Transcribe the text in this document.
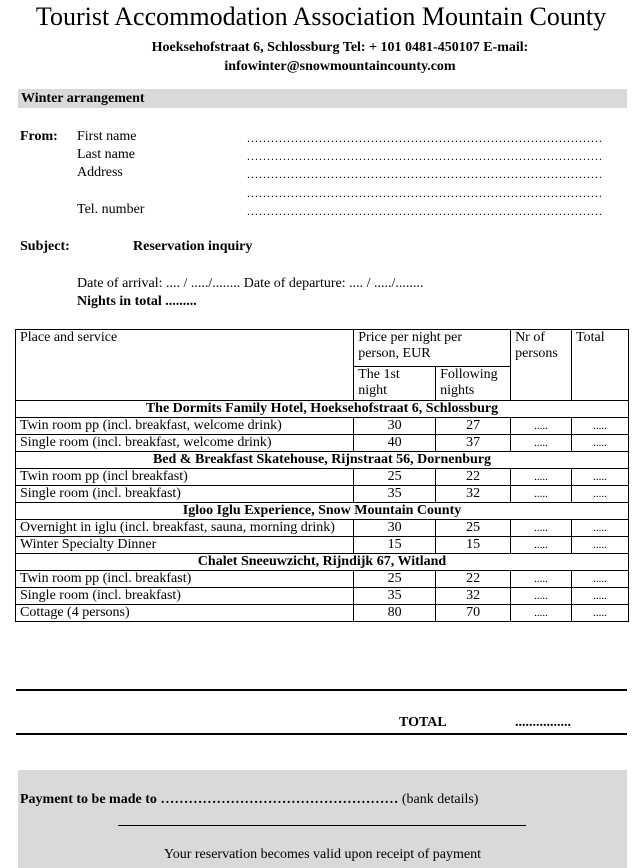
Tourist Accommodation Association Mountain County
Hoeksehofstraat 6, Schlossburg Tel: + 101 0481-450107 E-mail:
infowinter@snowmountaincounty.com
Winter arrangement
From: First name	.........................................................................................
Last name	.........................................................................................
Address	.........................................................................................
.........................................................................................
Tel. number	.........................................................................................
Subject:	Reservation inquiry
Date of arrival: .... / ...../........ Date of departure: .... / ...../........
Nights in total .........
Place and service	Price per night per person, EUR		Nr of persons	Total
	The 1st night	Following nights		
The Dormits Family Hotel, Hoeksehofstraat 6, Schlossburg				
Twin room pp (incl. breakfast, welcome drink)	30	27	.....	.....
Single room (incl. breakfast, welcome drink)	40	37	.....	.....
Bed & Breakfast Skatehouse, Rijnstraat 56, Dornenburg				
Twin room pp (incl breakfast)	25	22	.....	.....
Single room (incl. breakfast)	35	32	.....	.....
Igloo Iglu Experience, Snow Mountain County				
Overnight in iglu (incl. breakfast, sauna, morning drink)	30	25	.....	.....
Winter Specialty Dinner	15	15	.....	.....
Chalet Sneeuwzicht, Rijndijk 67, Witland				
Twin room pp (incl. breakfast)	25	22	.....	.....
Single room (incl. breakfast)	35	32	.....	.....
Cottage (4 persons)	80	70	.....	.....
TOTAL	................
Payment to be made to …………………………………………… (bank details)
Your reservation becomes valid upon receipt of payment
